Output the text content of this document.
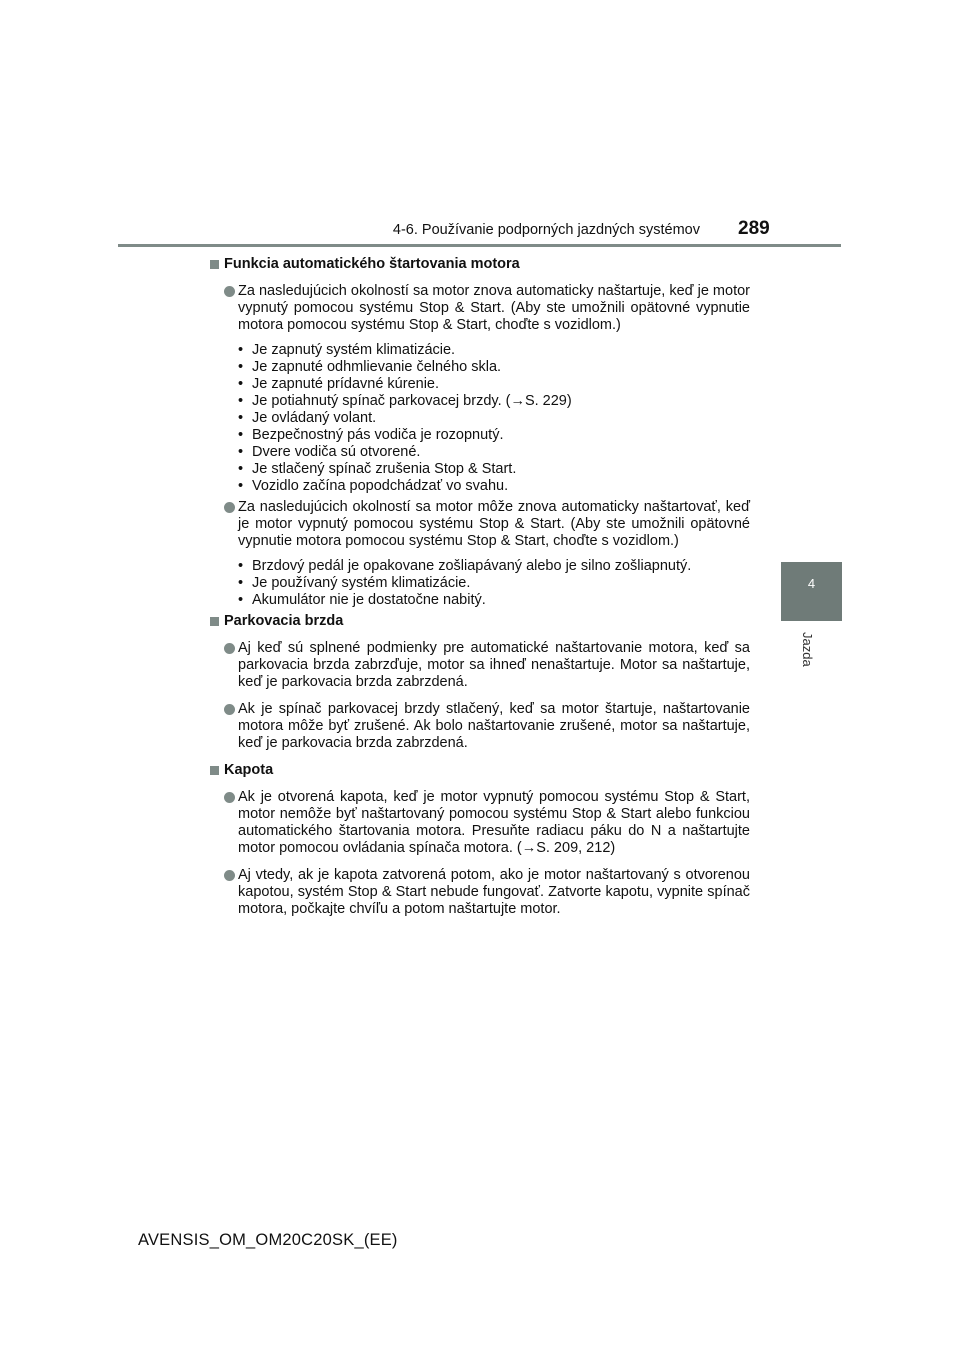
4-6. Používanie podporných jazdných systémov 289
4
Jazda
Funkcia automatického štartovania motora
Za nasledujúcich okolností sa motor znova automaticky naštartuje, keď je motor vypnutý pomocou systému Stop & Start. (Aby ste umožnili opätovné vypnutie motora pomocou systému Stop & Start, choďte s vozidlom.)
• Je zapnutý systém klimatizácie.
• Je zapnuté odhmlievanie čelného skla.
• Je zapnuté prídavné kúrenie.
• Je potiahnutý spínač parkovacej brzdy. (→S. 229)
• Je ovládaný volant.
• Bezpečnostný pás vodiča je rozopnutý.
• Dvere vodiča sú otvorené.
• Je stlačený spínač zrušenia Stop & Start.
• Vozidlo začína popodchádzať vo svahu.
Za nasledujúcich okolností sa motor môže znova automaticky naštartovať, keď je motor vypnutý pomocou systému Stop & Start. (Aby ste umožnili opätovné vypnutie motora pomocou systému Stop & Start, choďte s vozidlom.)
• Brzdový pedál je opakovane zošliapávaný alebo je silno zošliapnutý.
• Je používaný systém klimatizácie.
• Akumulátor nie je dostatočne nabitý.
Parkovacia brzda
Aj keď sú splnené podmienky pre automatické naštartovanie motora, keď sa parkovacia brzda zabrzďuje, motor sa ihneď nenaštartuje. Motor sa naštartuje, keď je parkovacia brzda zabrzdená.
Ak je spínač parkovacej brzdy stlačený, keď sa motor štartuje, naštartovanie motora môže byť zrušené. Ak bolo naštartovanie zrušené, motor sa naštartuje, keď je parkovacia brzda zabrzdená.
Kapota
Ak je otvorená kapota, keď je motor vypnutý pomocou systému Stop & Start, motor nemôže byť naštartovaný pomocou systému Stop & Start alebo funkciou automatického štartovania motora. Presuňte radiacu páku do N a naštartujte motor pomocou ovládania spínača motora. (→S. 209, 212)
Aj vtedy, ak je kapota zatvorená potom, ako je motor naštartovaný s otvorenou kapotou, systém Stop & Start nebude fungovať. Zatvorte kapotu, vypnite spínač motora, počkajte chvíľu a potom naštartujte motor.
AVENSIS_OM_OM20C20SK_(EE)
